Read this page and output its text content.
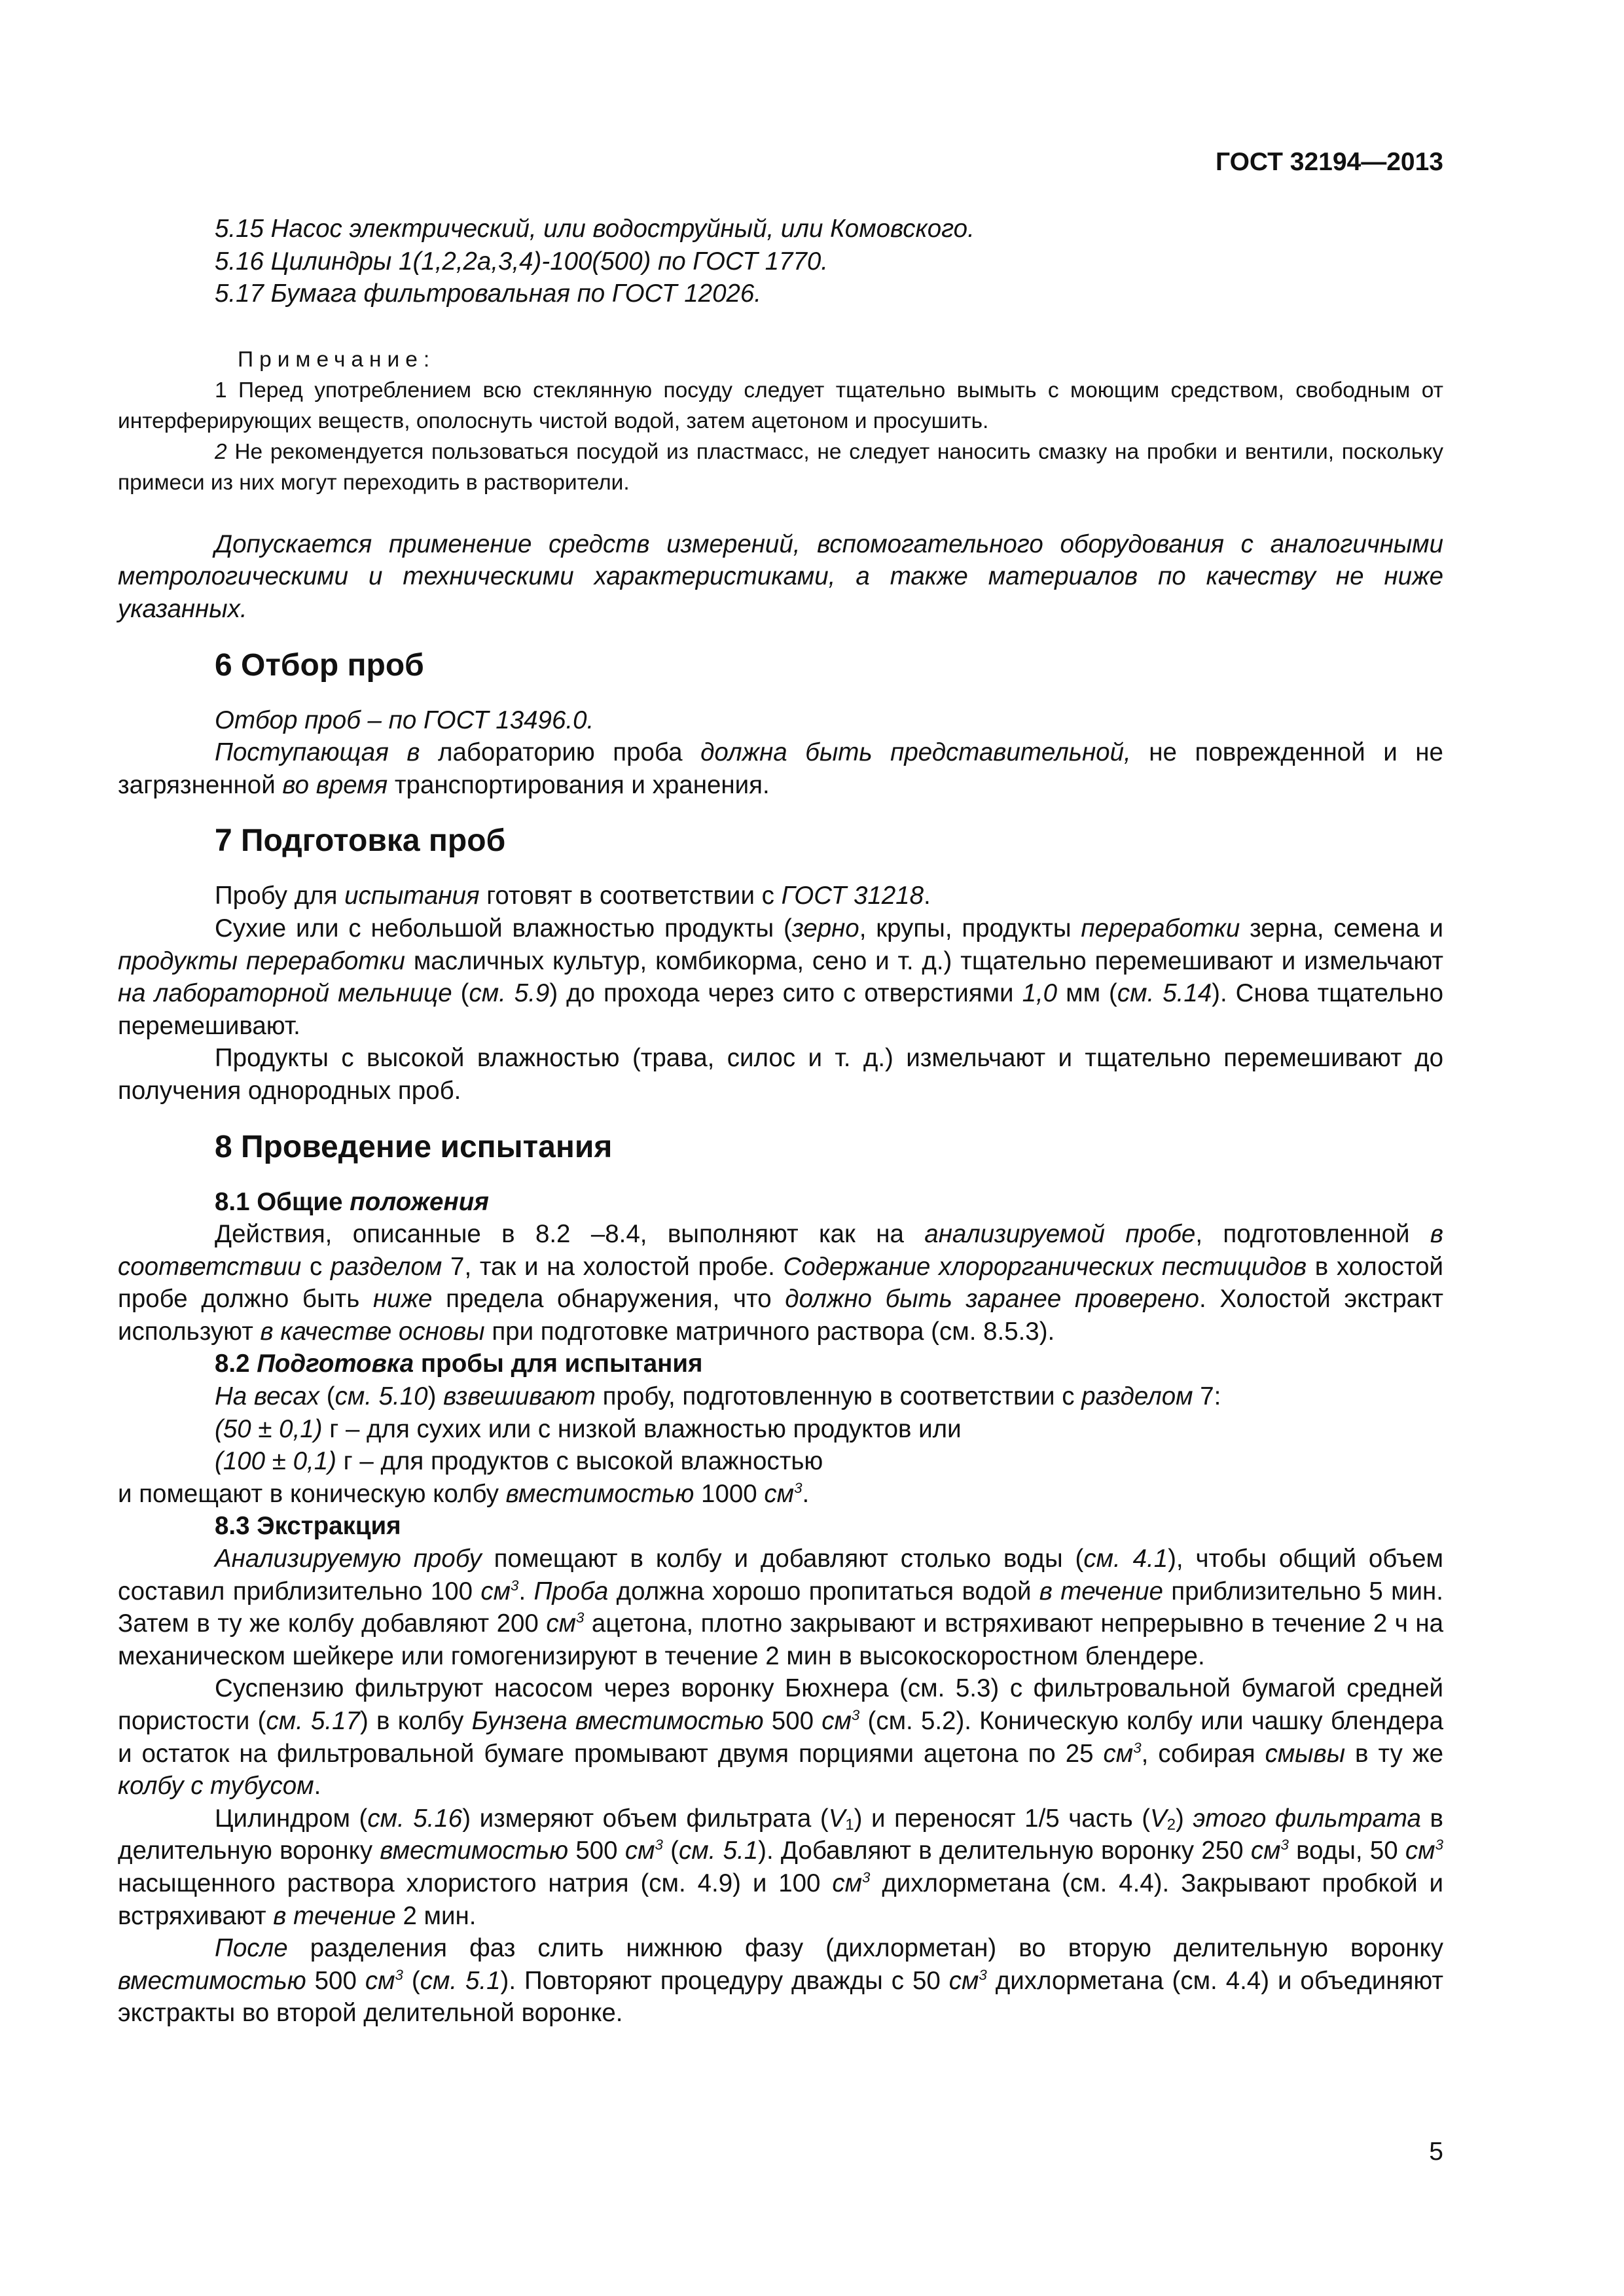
ГОСТ 32194—2013

5.15 Насос электрический, или водоструйный, или Комовского.

5.16 Цилиндры 1(1,2,2a,3,4)-100(500) по ГОСТ 1770.

5.17 Бумага фильтровальная по ГОСТ 12026.

Примечание:

1 Перед употреблением всю стеклянную посуду следует тщательно вымыть с моющим средством, свободным от интерферирующих веществ, ополоснуть чистой водой, затем ацетоном и просушить.

2 Не рекомендуется пользоваться посудой из пластмасс, не следует наносить смазку на пробки и вентили, поскольку примеси из них могут переходить в растворители.

Допускается применение средств измерений, вспомогательного оборудования с аналогичными метрологическими и техническими характеристиками, а также материалов по качеству не ниже указанных.

6 Отбор проб

Отбор проб – по ГОСТ 13496.0.

Поступающая в лабораторию проба должна быть представительной, не поврежденной и не загрязненной во время транспортирования и хранения.

7 Подготовка проб

Пробу для испытания готовят в соответствии с ГОСТ 31218.

Сухие или с небольшой влажностью продукты (зерно, крупы, продукты переработки зерна, семена и продукты переработки масличных культур, комбикорма, сено и т. д.) тщательно перемешивают и измельчают на лабораторной мельнице (см. 5.9) до прохода через сито с отверстиями 1,0 мм (см. 5.14). Снова тщательно перемешивают.

Продукты с высокой влажностью (трава, силос и т. д.) измельчают и тщательно перемешивают до получения однородных проб.

8 Проведение испытания

8.1 Общие положения

Действия, описанные в 8.2 –8.4, выполняют как на анализируемой пробе, подготовленной в соответствии с разделом 7, так и на холостой пробе. Содержание хлорорганических пестицидов в холостой пробе должно быть ниже предела обнаружения, что должно быть заранее проверено. Холостой экстракт используют в качестве основы при подготовке матричного раствора (см. 8.5.3).

8.2 Подготовка пробы для испытания

На весах (см. 5.10) взвешивают пробу, подготовленную в соответствии с разделом 7:

(50 ± 0,1) г – для сухих или с низкой влажностью продуктов или

(100 ± 0,1) г – для продуктов с высокой влажностью

и помещают в коническую колбу вместимостью 1000 $см^3$.

8.3 Экстракция

Анализируемую пробу помещают в колбу и добавляют столько воды (см. 4.1), чтобы общий объем составил приблизительно 100 $см^3$. Проба должна хорошо пропитаться водой в течение приблизительно 5 мин. Затем в ту же колбу добавляют 200 $см^3$ ацетона, плотно закрывают и встряхивают непрерывно в течение 2 ч на механическом шейкере или гомогенизируют в течение 2 мин в высокоскоростном блендере.

Суспензию фильтруют насосом через воронку Бюхнера (см. 5.3) с фильтровальной бумагой средней пористости (см. 5.17) в колбу Бунзена вместимостью 500 $см^3$ (см. 5.2). Коническую колбу или чашку блендера и остаток на фильтровальной бумаге промывают двумя порциями ацетона по 25 $см^3$, собирая смывы в ту же колбу с тубусом.

Цилиндром (см. 5.16) измеряют объем фильтрата $(V_1)$ и переносят 1/5 часть $(V_2)$ этого фильтрата в делительную воронку вместимостью 500 $см^3$ (см. 5.1). Добавляют в делительную воронку 250 $см^3$ воды, 50 $см^3$ насыщенного раствора хлористого натрия (см. 4.9) и 100 $см^3$ дихлорметана (см. 4.4). Закрывают пробкой и встряхивают в течение 2 мин.

После разделения фаз слить нижнюю фазу (дихлорметан) во вторую делительную воронку вместимостью 500 $см^3$ (см. 5.1). Повторяют процедуру дважды с 50 $см^3$ дихлорметана (см. 4.4) и объединяют экстракты во второй делительной воронке.

5
